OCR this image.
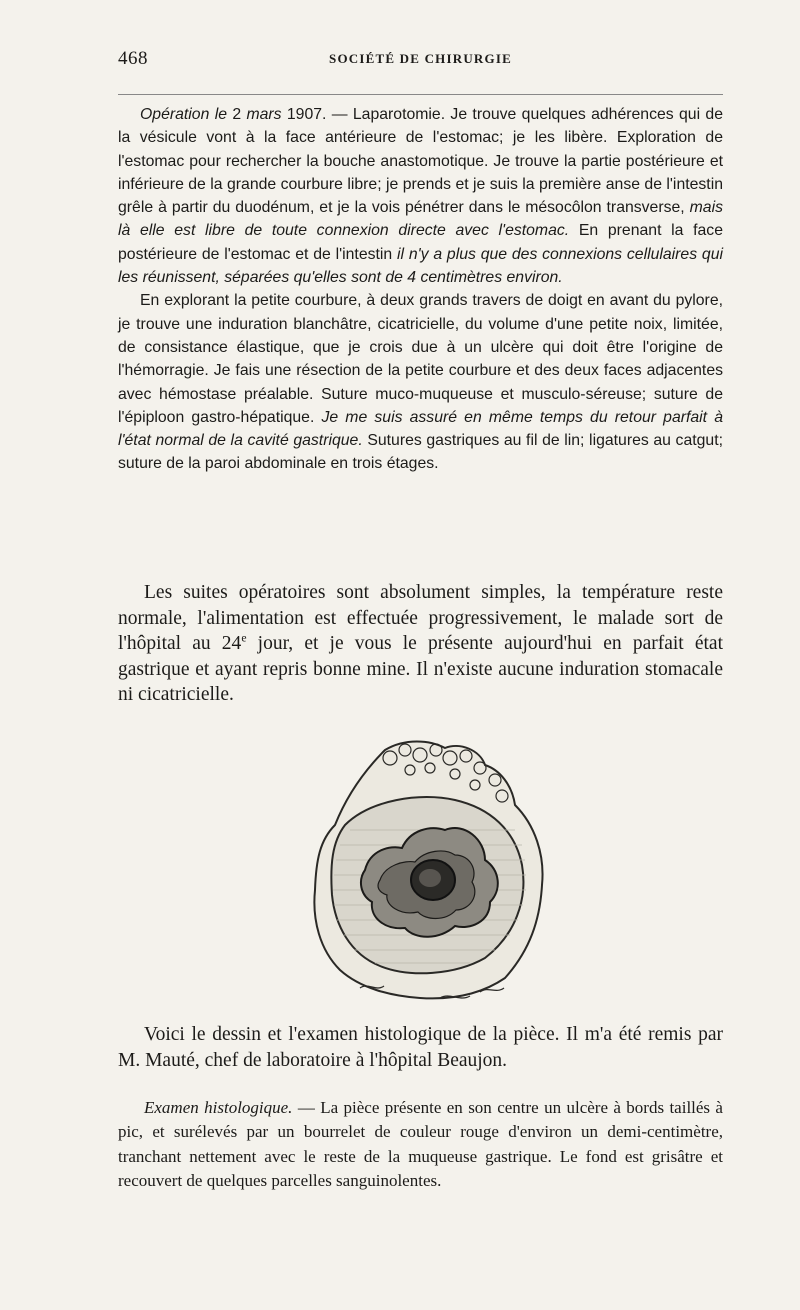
468	SOCIÉTÉ DE CHIRURGIE

Opération le 2 mars 1907. — Laparotomie. Je trouve quelques adhérences qui de la vésicule vont à la face antérieure de l'estomac; je les libère. Exploration de l'estomac pour rechercher la bouche anastomotique. Je trouve la partie postérieure et inférieure de la grande courbure libre; je prends et je suis la première anse de l'intestin grêle à partir du duodénum, et je la vois pénétrer dans le mésocôlon transverse, mais là elle est libre de toute connexion directe avec l'estomac. En prenant la face postérieure de l'estomac et de l'intestin il n'y a plus que des connexions cellulaires qui les réunissent, séparées qu'elles sont de 4 centimètres environ.

En explorant la petite courbure, à deux grands travers de doigt en avant du pylore, je trouve une induration blanchâtre, cicatricielle, du volume d'une petite noix, limitée, de consistance élastique, que je crois due à un ulcère qui doit être l'origine de l'hémorragie. Je fais une résection de la petite courbure et des deux faces adjacentes avec hémostase préalable. Suture muco-muqueuse et musculo-séreuse; suture de l'épiploon gastro-hépatique. Je me suis assuré en même temps du retour parfait à l'état normal de la cavité gastrique. Sutures gastriques au fil de lin; ligatures au catgut; suture de la paroi abdominale en trois étages.

Les suites opératoires sont absolument simples, la température reste normale, l'alimentation est effectuée progressivement, le malade sort de l'hôpital au 24e jour, et je vous le présente aujourd'hui en parfait état gastrique et ayant repris bonne mine. Il n'existe aucune induration stomacale ni cicatricielle.

Voici le dessin et l'examen histologique de la pièce. Il m'a été remis par M. Mauté, chef de laboratoire à l'hôpital Beaujon.

Examen histologique. — La pièce présente en son centre un ulcère à bords taillés à pic, et surélevés par un bourrelet de couleur rouge d'environ un demi-centimètre, tranchant nettement avec le reste de la muqueuse gastrique. Le fond est grisâtre et recouvert de quelques parcelles sanguinolentes.
